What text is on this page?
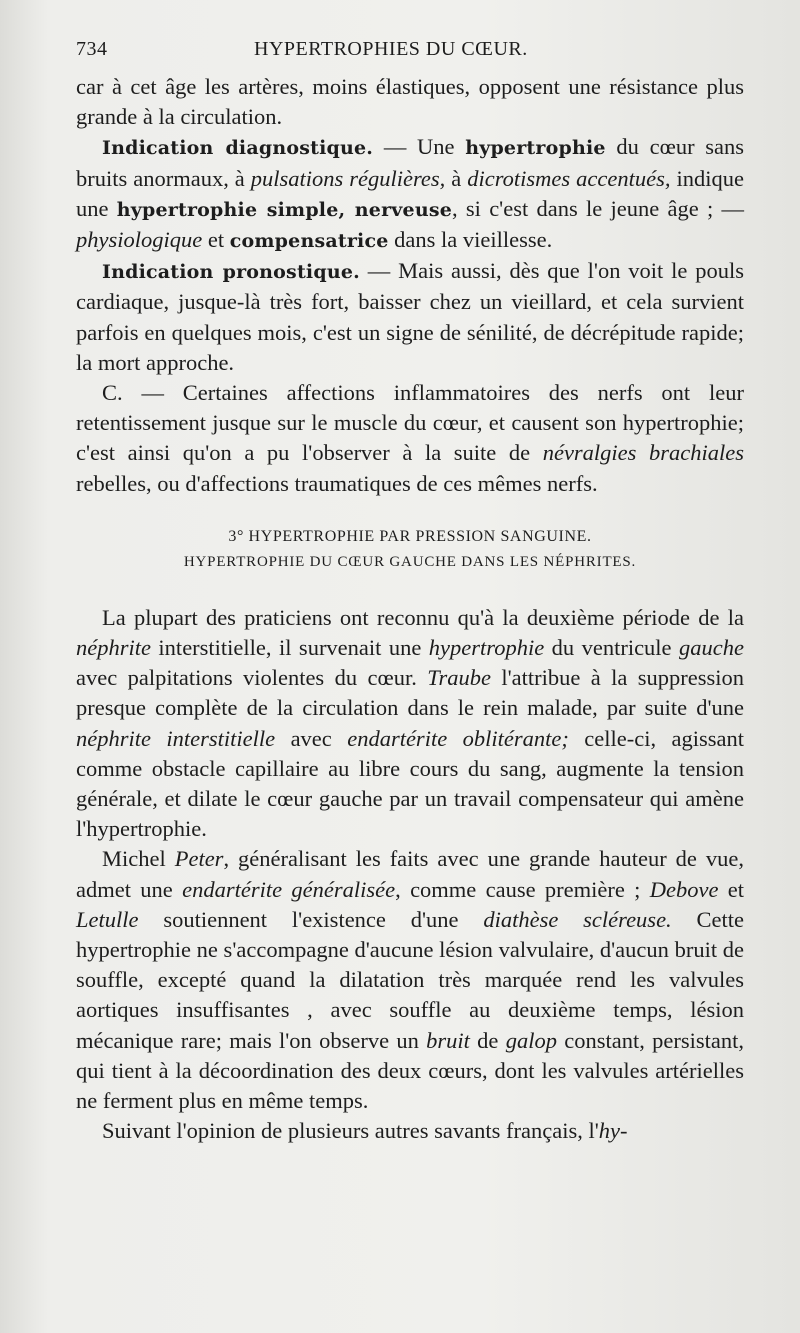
734	HYPERTROPHIES DU CŒUR.

car à cet âge les artères, moins élastiques, opposent une résistance plus grande à la circulation.

Indication diagnostique. — Une hypertrophie du cœur sans bruits anormaux, à pulsations régulières, à dicrotismes accentués, indique une hypertrophie simple, nerveuse, si c'est dans le jeune âge ; — physiologique et compensatrice dans la vieillesse.

Indication pronostique. — Mais aussi, dès que l'on voit le pouls cardiaque, jusque-là très fort, baisser chez un vieillard, et cela survient parfois en quelques mois, c'est un signe de sénilité, de décrépitude rapide; la mort approche.

C. — Certaines affections inflammatoires des nerfs ont leur retentissement jusque sur le muscle du cœur, et causent son hypertrophie; c'est ainsi qu'on a pu l'observer à la suite de névralgies brachiales rebelles, ou d'affections traumatiques de ces mêmes nerfs.

3° HYPERTROPHIE PAR PRESSION SANGUINE.
HYPERTROPHIE DU CŒUR GAUCHE DANS LES NÉPHRITES.

La plupart des praticiens ont reconnu qu'à la deuxième période de la néphrite interstitielle, il survenait une hypertrophie du ventricule gauche avec palpitations violentes du cœur. Traube l'attribue à la suppression presque complète de la circulation dans le rein malade, par suite d'une néphrite interstitielle avec endartérite oblitérante; celle-ci, agissant comme obstacle capillaire au libre cours du sang, augmente la tension générale, et dilate le cœur gauche par un travail compensateur qui amène l'hypertrophie.

Michel Peter, généralisant les faits avec une grande hauteur de vue, admet une endartérite généralisée, comme cause première ; Debove et Letulle soutiennent l'existence d'une diathèse scléreuse. Cette hypertrophie ne s'accompagne d'aucune lésion valvulaire, d'aucun bruit de souffle, excepté quand la dilatation très marquée rend les valvules aortiques insuffisantes , avec souffle au deuxième temps, lésion mécanique rare; mais l'on observe un bruit de galop constant, persistant, qui tient à la décoordination des deux cœurs, dont les valvules artérielles ne ferment plus en même temps.

Suivant l'opinion de plusieurs autres savants français, l'hy-
